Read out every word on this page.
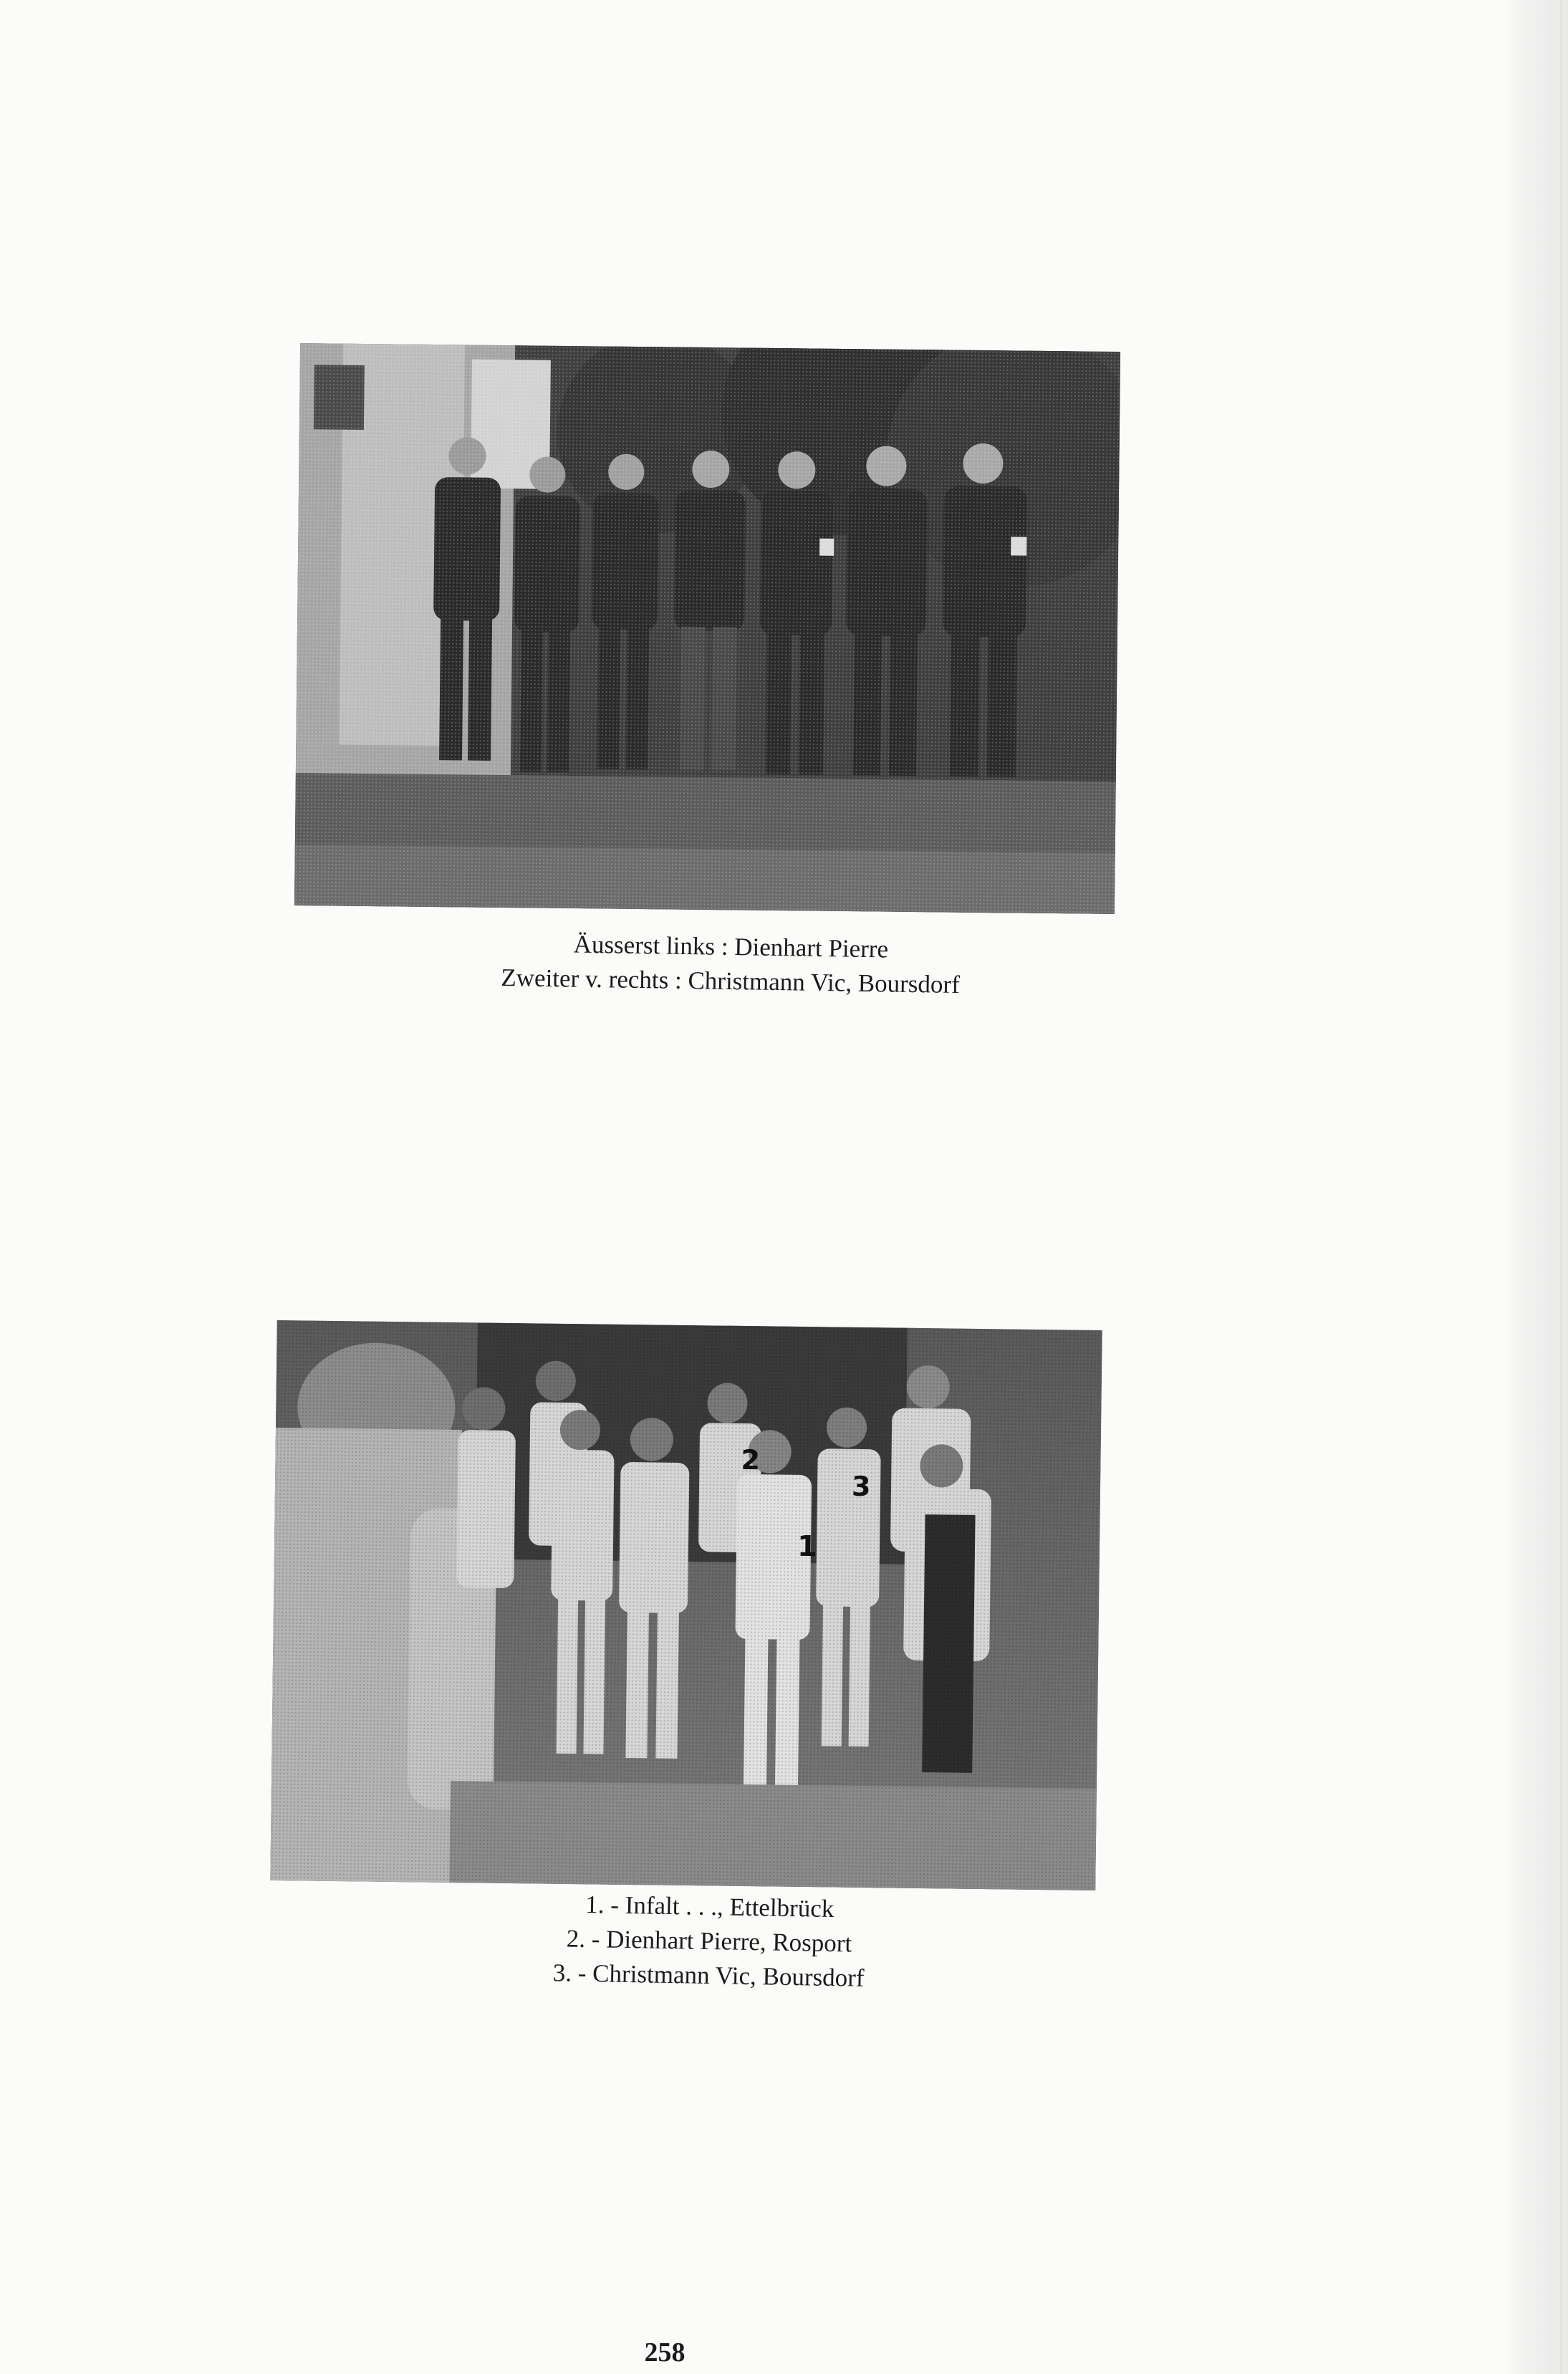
Äusserst links : Dienhart Pierre
Zweiter v. rechts : Christmann Vic, Boursdorf
1. - Infalt . . ., Ettelbrück
2. - Dienhart Pierre, Rosport
3. - Christmann Vic, Boursdorf
258
